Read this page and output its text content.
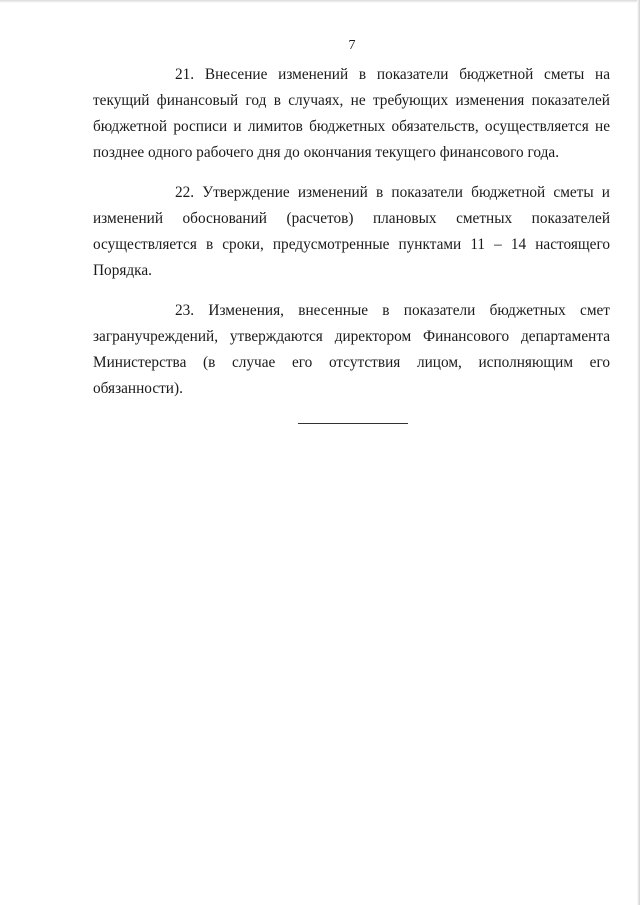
7

21. Внесение изменений в показатели бюджетной сметы на текущий финансовый год в случаях, не требующих изменения показателей бюджетной росписи и лимитов бюджетных обязательств, осуществляется не позднее одного рабочего дня до окончания текущего финансового года.

22. Утверждение изменений в показатели бюджетной сметы и изменений обоснований (расчетов) плановых сметных показателей осуществляется в сроки, предусмотренные пунктами 11 – 14 настоящего Порядка.

23. Изменения, внесенные в показатели бюджетных смет загранучреждений, утверждаются директором Финансового департамента Министерства (в случае его отсутствия лицом, исполняющим его обязанности).
